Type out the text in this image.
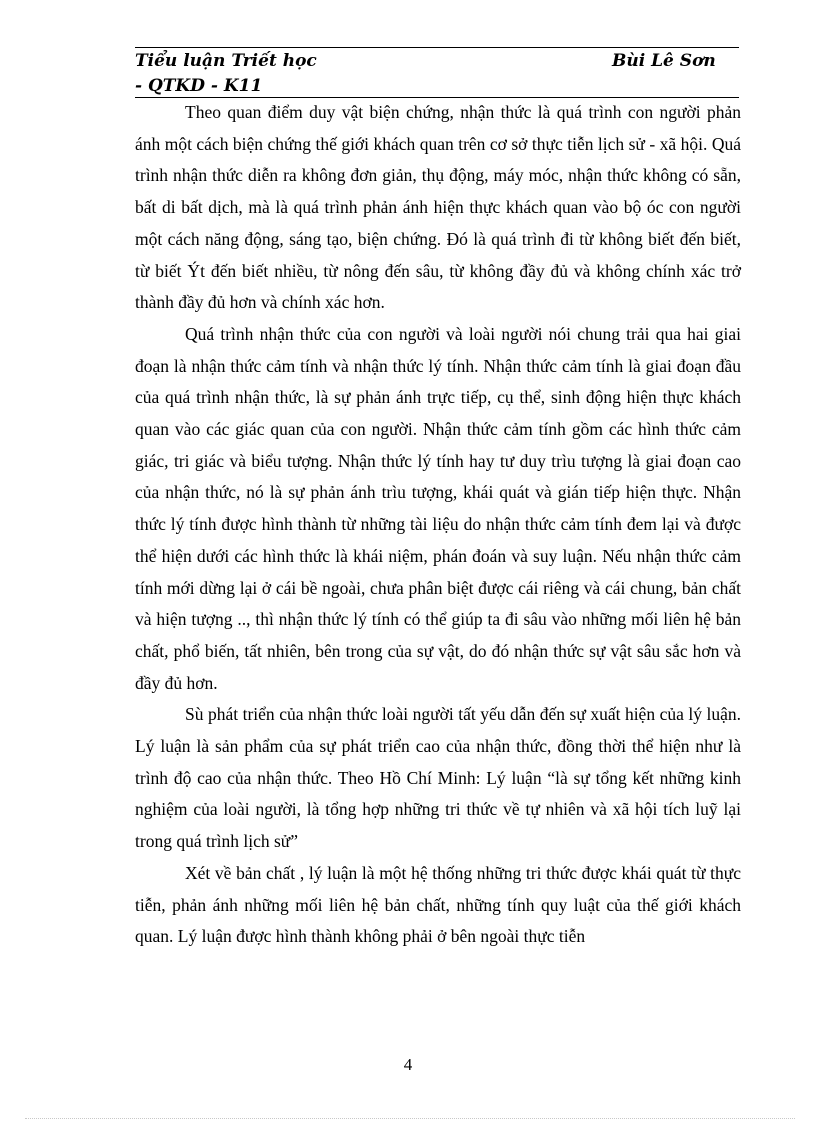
Tiểu luận Triết học	Bùi Lê Sơn
- QTKD - K11

Theo quan điểm duy vật biện chứng, nhận thức là quá trình con người phản ánh một cách biện chứng thế giới khách quan trên cơ sở thực tiễn lịch sử - xã hội. Quá trình nhận thức diễn ra không đơn giản, thụ động, máy móc, nhận thức không có sẵn, bất di bất dịch, mà là quá trình phản ánh hiện thực khách quan vào bộ óc con người một cách năng động, sáng tạo, biện chứng. Đó là quá trình đi từ không biết đến biết, từ biết Ýt đến biết nhiều, từ nông đến sâu, từ không đầy đủ và không chính xác trở thành đầy đủ hơn và chính xác hơn.

Quá trình nhận thức của con người và loài người nói chung trải qua hai giai đoạn là nhận thức cảm tính và nhận thức lý tính. Nhận thức cảm tính là giai đoạn đầu của quá trình nhận thức, là sự phản ánh trực tiếp, cụ thể, sinh động hiện thực khách quan vào các giác quan của con người. Nhận thức cảm tính gồm các hình thức cảm giác, tri giác và biểu tượng. Nhận thức lý tính hay tư duy trìu tượng là giai đoạn cao của nhận thức, nó là sự phản ánh trìu tượng, khái quát và gián tiếp hiện thực. Nhận thức lý tính được hình thành từ những tài liệu do nhận thức cảm tính đem lại và được thể hiện dưới các hình thức là khái niệm, phán đoán và suy luận. Nếu nhận thức cảm tính mới dừng lại ở cái bề ngoài, chưa phân biệt được cái riêng và cái chung, bản chất và hiện tượng .., thì nhận thức lý tính có thể giúp ta đi sâu vào những mối liên hệ bản chất, phổ biến, tất nhiên, bên trong của sự vật, do đó nhận thức sự vật sâu sắc hơn và đầy đủ hơn.

Sù phát triển của nhận thức loài người tất yếu dẫn đến sự xuất hiện của lý luận. Lý luận là sản phẩm của sự phát triển cao của nhận thức, đồng thời thể hiện như là trình độ cao của nhận thức. Theo Hồ Chí Minh: Lý luận “là sự tổng kết những kinh nghiệm của loài người, là tổng hợp những tri thức về tự nhiên và xã hội tích luỹ lại trong quá trình lịch sử”

Xét về bản chất , lý luận là một hệ thống những tri thức được khái quát từ thực tiễn, phản ánh những mối liên hệ bản chất, những tính quy luật của thế giới khách quan. Lý luận được hình thành không phải ở bên ngoài thực tiễn

4
